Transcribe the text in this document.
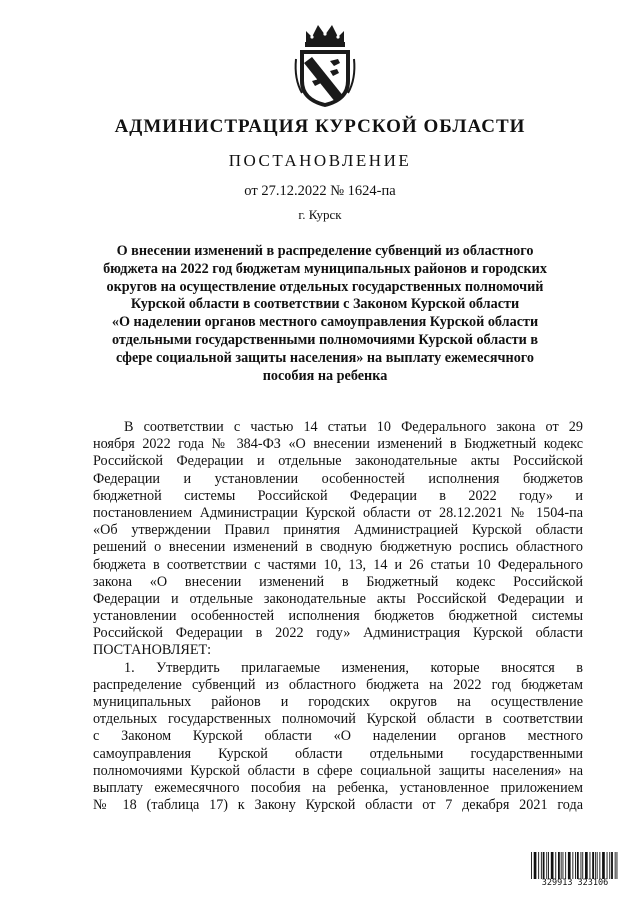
АДМИНИСТРАЦИЯ КУРСКОЙ ОБЛАСТИ
ПОСТАНОВЛЕНИЕ
от 27.12.2022 № 1624-па
г. Курск
О внесении изменений в распределение субвенций из областного
бюджета на 2022 год бюджетам муниципальных районов и городских
округов на осуществление отдельных государственных полномочий
Курской области в соответствии с Законом Курской области
«О наделении органов местного самоуправления Курской области
отдельными государственными полномочиями Курской области в
сфере социальной защиты населения» на выплату ежемесячного
пособия на ребенка
В соответствии с частью 14 статьи 10 Федерального закона от 29
ноября 2022 года № 384-ФЗ «О внесении изменений в Бюджетный кодекс
Российской Федерации и отдельные законодательные акты Российской
Федерации и установлении особенностей исполнения бюджетов
бюджетной системы Российской Федерации в 2022 году» и
постановлением Администрации Курской области от 28.12.2021 № 1504-па
«Об утверждении Правил принятия Администрацией Курской области
решений о внесении изменений в сводную бюджетную роспись областного
бюджета в соответствии с частями 10, 13, 14 и 26 статьи 10 Федерального
закона «О внесении изменений в Бюджетный кодекс Российской
Федерации и отдельные законодательные акты Российской Федерации и
установлении особенностей исполнения бюджетов бюджетной системы
Российской Федерации в 2022 году» Администрация Курской области
ПОСТАНОВЛЯЕТ:
1. Утвердить прилагаемые изменения, которые вносятся в
распределение субвенций из областного бюджета на 2022 год бюджетам
муниципальных районов и городских округов на осуществление
отдельных государственных полномочий Курской области в соответствии
с Законом Курской области «О наделении органов местного
самоуправления Курской области отдельными государственными
полномочиями Курской области в сфере социальной защиты населения» на
выплату ежемесячного пособия на ребенка, установленное приложением
№ 18 (таблица 17) к Закону Курской области от 7 декабря 2021 года
329913 323106
